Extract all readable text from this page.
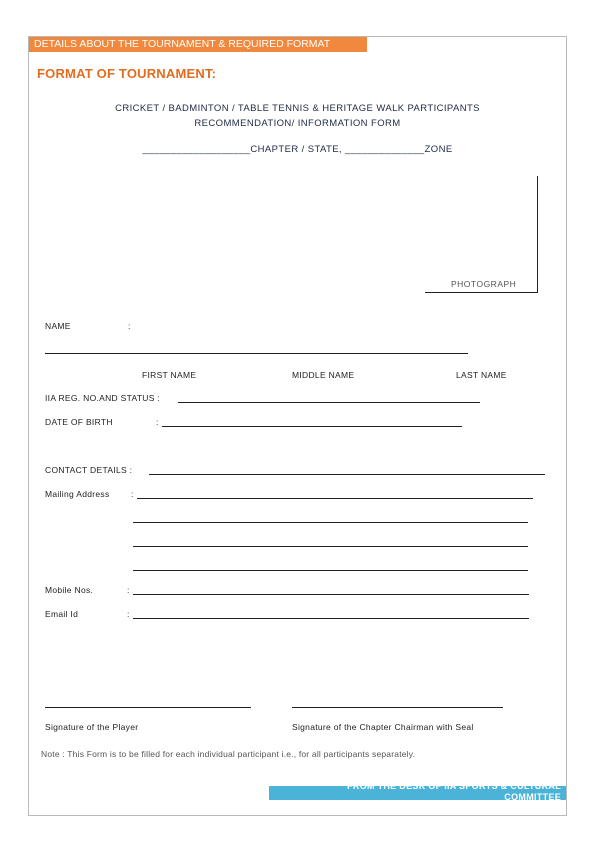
DETAILS ABOUT THE TOURNAMENT & REQUIRED FORMAT
FORMAT OF TOURNAMENT:
CRICKET / BADMINTON / TABLE TENNIS & HERITAGE WALK PARTICIPANTS
RECOMMENDATION/ INFORMATION FORM
___________________CHAPTER / STATE, ______________ZONE
PHOTOGRAPH
NAME	:
FIRST NAME	MIDDLE NAME	LAST NAME
IIA REG. NO.AND STATUS :
DATE OF BIRTH	:
CONTACT DETAILS :
Mailing Address	:
Mobile Nos.	:
Email Id	:
Signature of the Player	Signature of the Chapter Chairman with Seal
Note : This Form is to be filled for each individual participant i.e., for all participants separately.
FROM THE DESK OF IIA SPORTS & CULTURAL
COMMITTEE
